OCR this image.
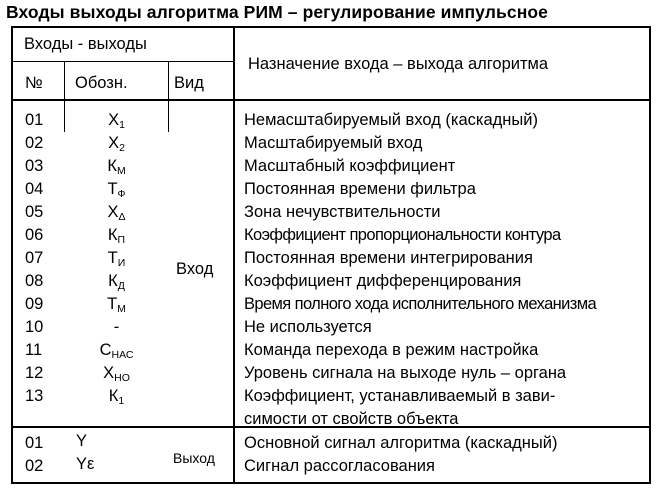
Входы выходы алгоритма РИМ – регулирование импульсное
Входы - выходы
№ Обозн.	Вид
Назначение входа – выхода алгоритма
01
02
03
04
05
06
07
08
09
10
11
12
13
$X_1$
$X_2$
$К_М$
$Т_Ф$
$Х_\Delta$
$К_П$
$Т_И$
$К_Д$
$Т_М$
-
$С_{НАС}$
$Х_{НО}$
$К_1$
Вход
Немасштабируемый вход (каскадный)
Масштабируемый вход
Масштабный коэффициент
Постоянная времени фильтра
Зона нечувствительности
Коэффициент пропорциональности контура
Постоянная времени интегрирования
Коэффициент дифференцирования
Время полного хода исполнительного механизма
Не используется
Команда перехода в режим настройка
Уровень сигнала на выходе нуль – органа
Коэффициент, устанавливаемый в зави-
симости от свойств объекта
01
02
Y
Yε	Выход
Основной сигнал алгоритма (каскадный)
Сигнал рассогласования
